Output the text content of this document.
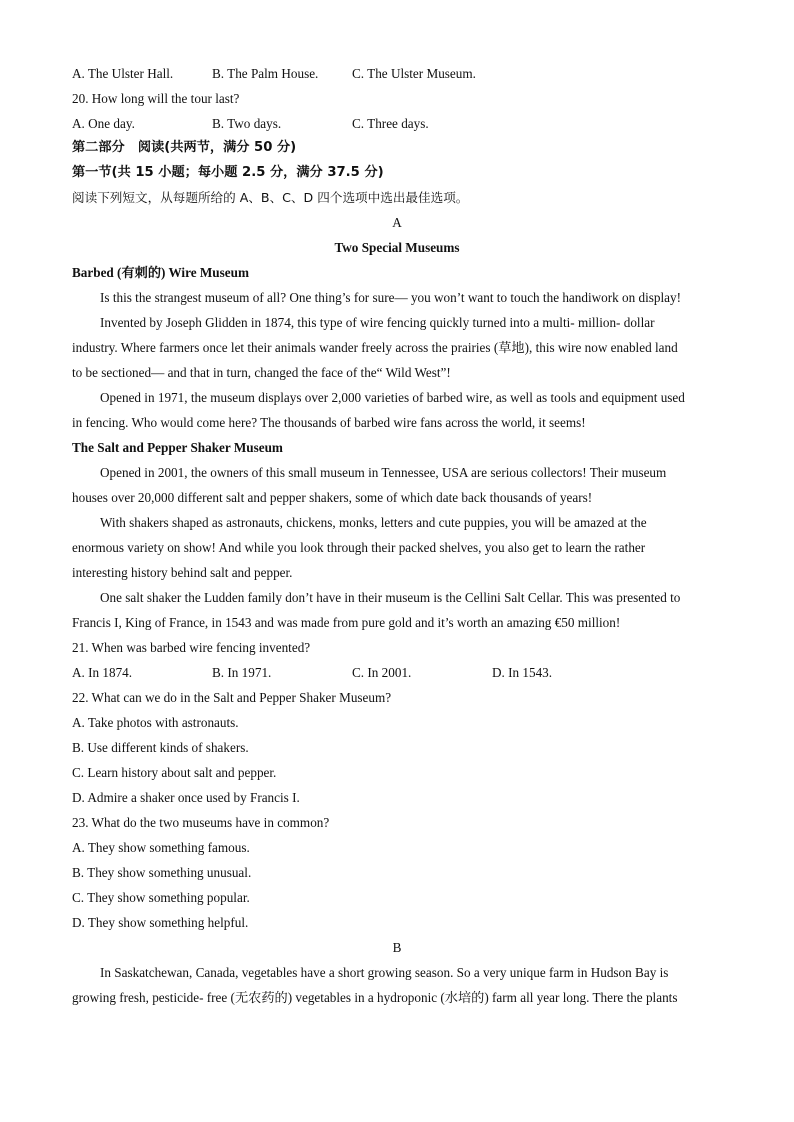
A. The Ulster Hall.	B. The Palm House.	C. The Ulster Museum.
20. How long will the tour last?
A. One day.	B. Two days.	C. Three days.
第二部分　阅读(共两节，满分 50 分)
第一节(共 15 小题；每小题 2.5 分，满分 37.5 分)
阅读下列短文，从每题所给的 A、B、C、D 四个选项中选出最佳选项。
A
Two Special Museums
Barbed (有刺的) Wire Museum
Is this the strangest museum of all? One thing’s for sure— you won’t want to touch the handiwork on display!
Invented by Joseph Glidden in 1874, this type of wire fencing quickly turned into a multi- million- dollar
industry. Where farmers once let their animals wander freely across the prairies (草地), this wire now enabled land
to be sectioned— and that in turn, changed the face of the“ Wild West”!
Opened in 1971, the museum displays over 2,000 varieties of barbed wire, as well as tools and equipment used
in fencing. Who would come here? The thousands of barbed wire fans across the world, it seems!
The Salt and Pepper Shaker Museum
Opened in 2001, the owners of this small museum in Tennessee, USA are serious collectors! Their museum
houses over 20,000 different salt and pepper shakers, some of which date back thousands of years!
With shakers shaped as astronauts, chickens, monks, letters and cute puppies, you will be amazed at the
enormous variety on show! And while you look through their packed shelves, you also get to learn the rather
interesting history behind salt and pepper.
One salt shaker the Ludden family don’t have in their museum is the Cellini Salt Cellar. This was presented to
Francis I, King of France, in 1543 and was made from pure gold and it’s worth an amazing €50 million!
21. When was barbed wire fencing invented?
A. In 1874.	B. In 1971.	C. In 2001.	D. In 1543.
22. What can we do in the Salt and Pepper Shaker Museum?
A. Take photos with astronauts.
B. Use different kinds of shakers.
C. Learn history about salt and pepper.
D. Admire a shaker once used by Francis I.
23. What do the two museums have in common?
A. They show something famous.
B. They show something unusual.
C. They show something popular.
D. They show something helpful.
B
In Saskatchewan, Canada, vegetables have a short growing season. So a very unique farm in Hudson Bay is
growing fresh, pesticide- free (无农药的) vegetables in a hydroponic (水培的) farm all year long. There the plants
